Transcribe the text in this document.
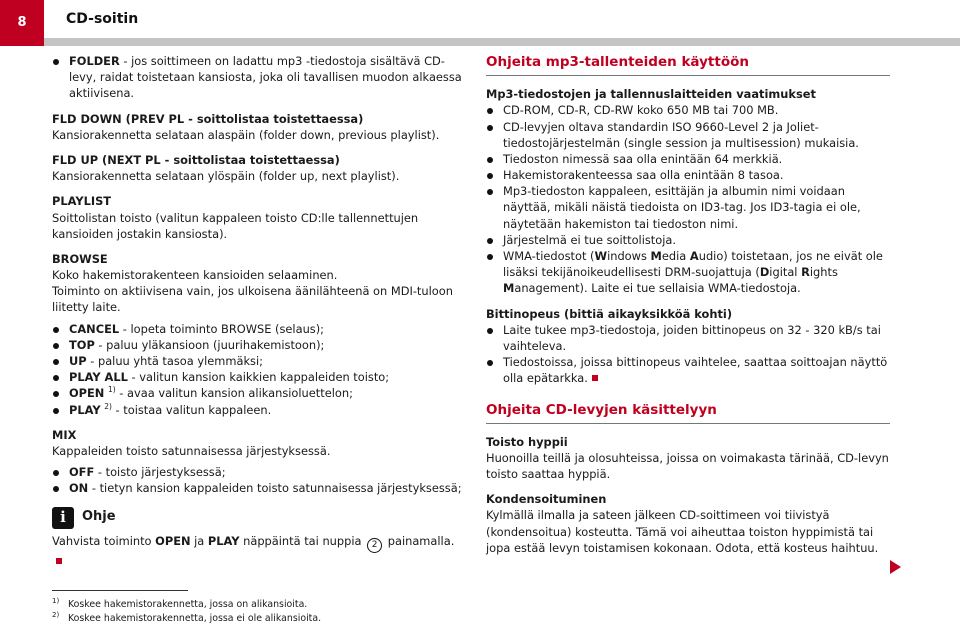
8	CD-soitin

FOLDER - jos soittimeen on ladattu mp3 -tiedostoja sisältävä CD-levy, raidat toistetaan kansiosta, joka oli tavallisen muodon alkaessa aktiivisena.

FLD DOWN (PREV PL - soittolistaa toistettaessa)

Kansiorakennetta selataan alaspäin (folder down, previous playlist).

FLD UP (NEXT PL - soittolistaa toistettaessa)

Kansiorakennetta selataan ylöspäin (folder up, next playlist).

PLAYLIST

Soittolistan toisto (valitun kappaleen toisto CD:lle tallennettujen kansioiden jostakin kansiosta).

BROWSE

Koko hakemistorakenteen kansioiden selaaminen.

Toiminto on aktiivisena vain, jos ulkoisena äänilähteenä on MDI-tuloon liitetty laite.

CANCEL - lopeta toiminto BROWSE (selaus);

TOP - paluu yläkansioon (juurihakemistoon);

UP - paluu yhtä tasoa ylemmäksi;

PLAY ALL - valitun kansion kaikkien kappaleiden toisto;

OPEN $^{1)}$ - avaa valitun kansion alikansioluettelon;

PLAY $^{2)}$ - toistaa valitun kappaleen.

MIX

Kappaleiden toisto satunnaisessa järjestyksessä.

OFF - toisto järjestyksessä;

ON - tietyn kansion kappaleiden toisto satunnaisessa järjestyksessä;

i	Ohje

Vahvista toiminto OPEN ja PLAY näppäintä tai nuppia 2 painamalla.

1) Koskee hakemistorakennetta, jossa on alikansioita.
2) Koskee hakemistorakennetta, jossa ei ole alikansioita.
Ohjeita mp3-tallenteiden käyttöön

Mp3-tiedostojen ja tallennuslaitteiden vaatimukset

CD-ROM, CD-R, CD-RW koko 650 MB tai 700 MB.

CD-levyjen oltava standardin ISO 9660-Level 2 ja Joliet-tiedostojärjestelmän (single session ja multisession) mukaisia.

Tiedoston nimessä saa olla enintään 64 merkkiä.

Hakemistorakenteessa saa olla enintään 8 tasoa.

Mp3-tiedoston kappaleen, esittäjän ja albumin nimi voidaan näyttää, mikäli näistä tiedoista on ID3-tag. Jos ID3-tagia ei ole, näytetään hakemiston tai tiedoston nimi.

Järjestelmä ei tue soittolistoja.

WMA-tiedostot (Windows Media Audio) toistetaan, jos ne eivät ole lisäksi tekijänoikeudellisesti DRM-suojattuja (Digital Rights Management). Laite ei tue sellaisia WMA-tiedostoja.

Bittinopeus (bittiä aikayksikköä kohti)

Laite tukee mp3-tiedostoja, joiden bittinopeus on 32 - 320 kB/s tai vaihteleva.

Tiedostoissa, joissa bittinopeus vaihtelee, saattaa soittoajan näyttö olla epätarkka.

Ohjeita CD-levyjen käsittelyyn

Toisto hyppii

Huonoilla teillä ja olosuhteissa, joissa on voimakasta tärinää, CD-levyn toisto saattaa hyppiä.

Kondensoituminen

Kylmällä ilmalla ja sateen jälkeen CD-soittimeen voi tiivistyä (kondensoitua) kosteutta. Tämä voi aiheuttaa toiston hyppimistä tai jopa estää levyn toistamisen kokonaan. Odota, että kosteus haihtuu.
